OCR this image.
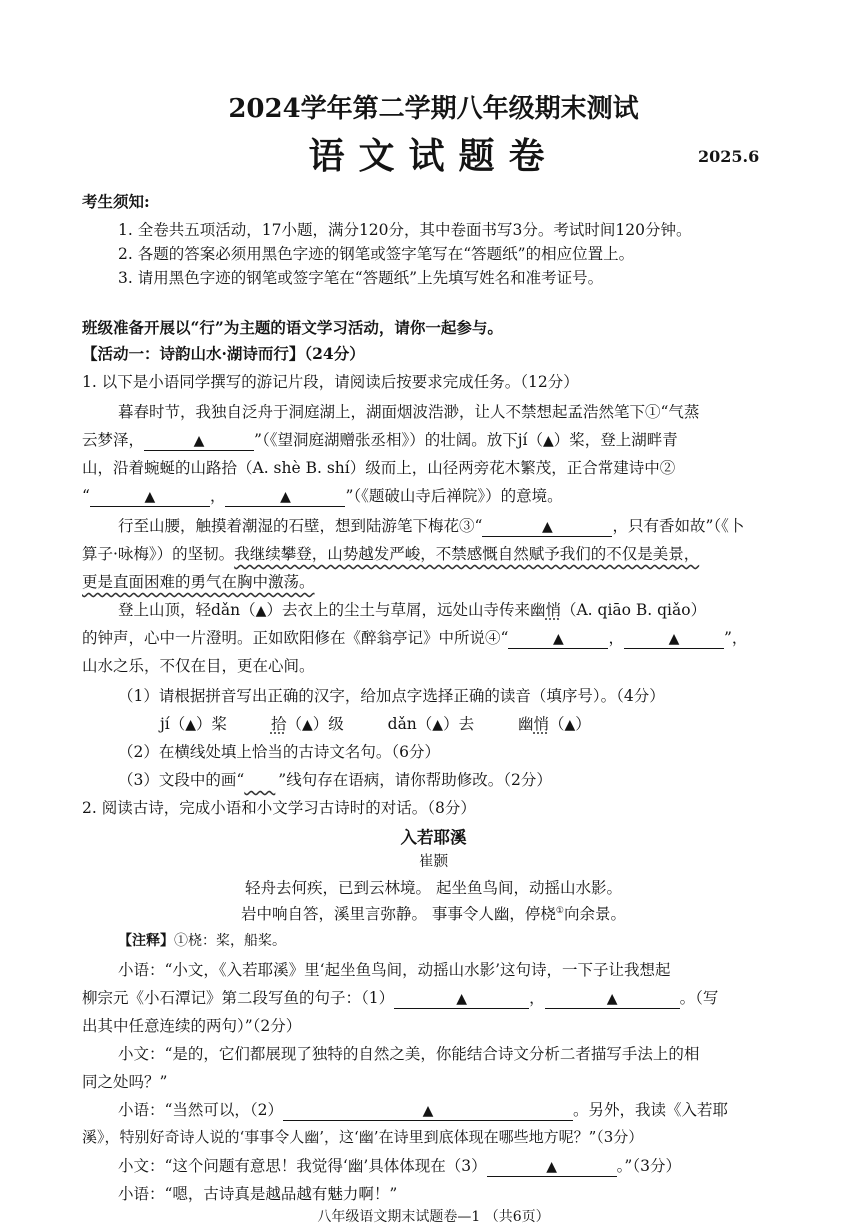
2024学年第二学期八年级期末测试
语文试题卷	2025.6
考生须知:
1. 全卷共五项活动，17小题，满分120分，其中卷面书写3分。考试时间120分钟。
2. 各题的答案必须用黑色字迹的钢笔或签字笔写在“答题纸”的相应位置上。
3. 请用黑色字迹的钢笔或签字笔在“答题纸”上先填写姓名和准考证号。
班级准备开展以“行”为主题的语文学习活动，请你一起参与。
【活动一：诗韵山水·湖诗而行】（24分）
1. 以下是小语同学撰写的游记片段，请阅读后按要求完成任务。（12分）
暮春时节，我独自泛舟于洞庭湖上，湖面烟波浩渺，让人不禁想起孟浩然笔下①“气蒸
云梦泽，	▲	”（《望洞庭湖赠张丞相》）的壮阔。放下jí（▲）桨，登上湖畔青
山，沿着蜿蜒的山路拾（A. shè B. shí）级而上，山径两旁花木繁茂，正合常建诗中②
“	▲	，	▲	”（《题破山寺后禅院》）的意境。
行至山腰，触摸着潮湿的石壁，想到陆游笔下梅花③“	▲	，只有香如故”（《卜
算子·咏梅》）的坚韧。我继续攀登，山势越发严峻，不禁感慨自然赋予我们的不仅是美景，
更是直面困难的勇气在胸中激荡。
登上山顶，轻dǎn（▲）去衣上的尘土与草屑，远处山寺传来幽悄（A. qiāo B. qiǎo）
的钟声，心中一片澄明。正如欧阳修在《醉翁亭记》中所说④“	▲	，	▲	”，
山水之乐，不仅在目，更在心间。
（1）请根据拼音写出正确的汉字，给加点字选择正确的读音（填序号）。（4分）
jí（▲）桨	拾（▲）级	dǎn（▲）去	幽悄（▲）
（2）在横线处填上恰当的古诗文名句。（6分）
（3）文段中的画“   ”线句存在语病，请你帮助修改。（2分）
2. 阅读古诗，完成小语和小文学习古诗时的对话。（8分）
入若耶溪
崔颢
轻舟去何疾，已到云林境。 起坐鱼鸟间，动摇山水影。
岩中响自答，溪里言弥静。 事事令人幽，停桡①向余景。
【注释】①桡：桨，船桨。
小语：“小文，《入若耶溪》里‘起坐鱼鸟间，动摇山水影’这句诗，一下子让我想起
柳宗元《小石潭记》第二段写鱼的句子：（1）	▲	，	▲	。（写
出其中任意连续的两句）”（2分）
小文：“是的，它们都展现了独特的自然之美，你能结合诗文分析二者描写手法上的相
同之处吗？”
小语：“当然可以，（2）	▲	。另外，我读《入若耶
溪》，特别好奇诗人说的‘事事令人幽’，这‘幽’在诗里到底体现在哪些地方呢？”（3分）
小文：“这个问题有意思！我觉得‘幽’具体体现在（3）	▲	。”（3分）
小语：“嗯，古诗真是越品越有魅力啊！”
八年级语文期末试题卷—1 （共6页）
